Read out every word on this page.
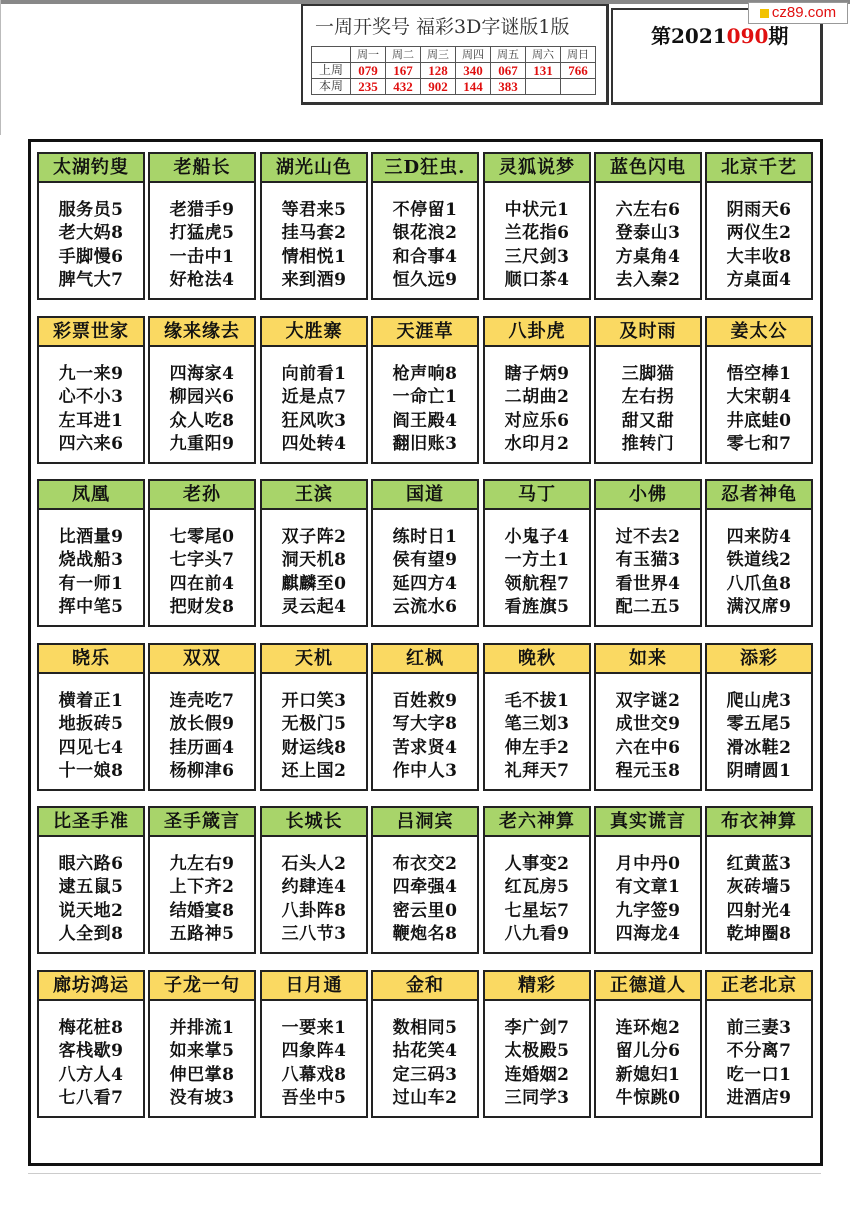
一周开奖号 福彩3D字谜版1版
	周一	周二	周三	周四	周五	周六	周日
上周	079	167	128	340	067	131	766
本周	235	432	902	144	383		
第2021090期
cz89.com
太湖钓叟
服务员5
老大妈8
手脚慢6
脾气大7
老船长
老猎手9
打猛虎5
一击中1
好枪法4
湖光山色
等君来5
挂马套2
情相悦1
来到酒9
三D狂虫.
不停留1
银花浪2
和合事4
恒久远9
灵狐说梦
中状元1
兰花指6
三尺剑3
顺口茶4
蓝色闪电
六左右6
登泰山3
方桌角4
去入秦2
北京千艺
阴雨天6
两仪生2
大丰收8
方桌面4
彩票世家
九一来9
心不小3
左耳进1
四六来6
缘来缘去
四海家4
柳园兴6
众人吃8
九重阳9
大胜寨
向前看1
近是点7
狂风吹3
四处转4
天涯草
枪声响8
一命亡1
阎王殿4
翻旧账3
八卦虎
瞎子炳9
二胡曲2
对应乐6
水印月2
及时雨
三脚猫
左右拐
甜又甜
推转门
姜太公
悟空棒1
大宋朝4
井底蛙0
零七和7
凤凰
比酒量9
烧战船3
有一师1
挥中笔5
老孙
七零尾0
七字头7
四在前4
把财发8
王滨
双子阵2
洞天机8
麒麟至0
灵云起4
国道
练时日1
侯有望9
延四方4
云流水6
马丁
小鬼子4
一方土1
领航程7
看旌旗5
小佛
过不去2
有玉猫3
看世界4
配二五5
忍者神龟
四来防4
铁道线2
八爪鱼8
满汉席9
晓乐
横着正1
地扳砖5
四见七4
十一娘8
双双
连壳吃7
放长假9
挂历画4
杨柳津6
天机
开口笑3
无极门5
财运线8
还上国2
红枫
百姓救9
写大字8
苦求贤4
作中人3
晚秋
毛不拔1
笔三划3
伸左手2
礼拜天7
如来
双字谜2
成世交9
六在中6
程元玉8
添彩
爬山虎3
零五尾5
滑冰鞋2
阴晴圆1
比圣手准
眼六路6
逮五鼠5
说天地2
人全到8
圣手箴言
九左右9
上下齐2
结婚宴8
五路神5
长城长
石头人2
约肆连4
八卦阵8
三八节3
吕洞宾
布衣交2
四牵强4
密云里0
鞭炮名8
老六神算
人事变2
红瓦房5
七星坛7
八九看9
真实谎言
月中丹0
有文章1
九字签9
四海龙4
布衣神算
红黄蓝3
灰砖墙5
四射光4
乾坤圈8
廊坊鸿运
梅花桩8
客栈歇9
八方人4
七八看7
子龙一句
并排流1
如来掌5
伸巴掌8
没有坡3
日月通
一要来1
四象阵4
八幕戏8
吾坐中5
金和
数相同5
拈花笑4
定三码3
过山车2
精彩
李广剑7
太极殿5
连婚姻2
三同学3
正德道人
连环炮2
留儿分6
新媳妇1
牛惊跳0
正老北京
前三妻3
不分离7
吃一口1
进酒店9
